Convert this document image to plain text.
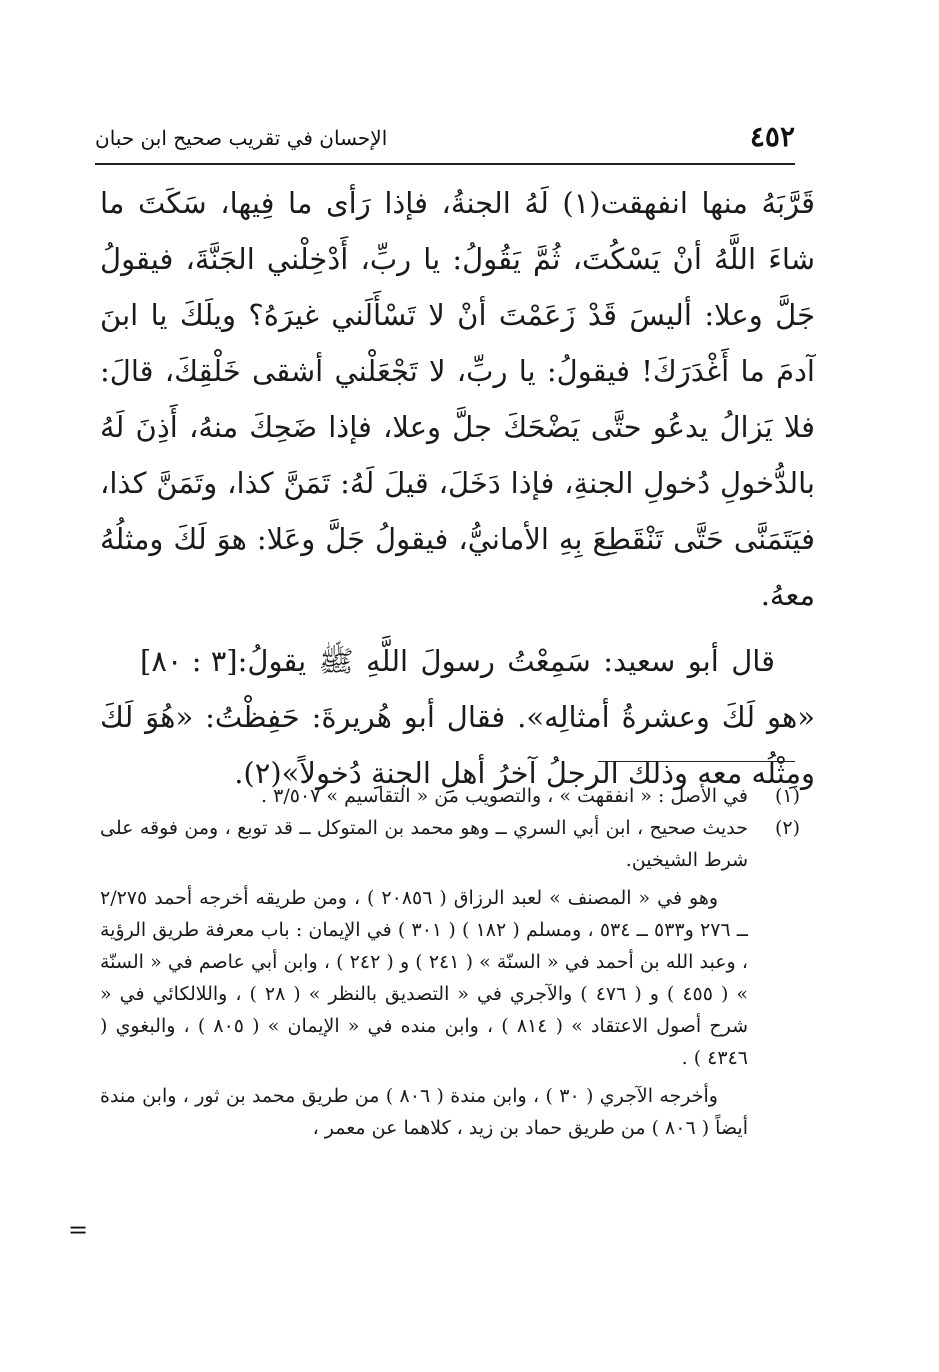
٤٥٢
الإحسان في تقريب صحيح ابن حبان

قَرَّبَهُ منها انفهقت(١) لَهُ الجنةُ، فإذا رَأى ما فِيها، سَكَتَ ما شاءَ اللَّهُ أنْ يَسْكُتَ، ثُمَّ يَقُولُ: يا ربِّ، أَدْخِلْني الجَنَّةَ، فيقولُ جَلَّ وعلا: أليسَ قَدْ زَعَمْتَ أنْ لا تَسْأَلَني غيرَهُ؟ ويلَكَ يا ابنَ آدمَ ما أَغْدَرَكَ! فيقولُ: يا ربِّ، لا تَجْعَلْني أشقى خَلْقِكَ، قالَ: فلا يَزالُ يدعُو حتَّى يَضْحَكَ جلَّ وعلا، فإذا ضَحِكَ منهُ، أَذِنَ لَهُ بالدُّخولِ دُخولِ الجنةِ، فإذا دَخَلَ، قيلَ لَهُ: تَمَنَّ كذا، وتَمَنَّ كذا، فيَتَمَنَّى حَتَّى تَنْقَطِعَ بِهِ الأمانيُّ، فيقولُ جَلَّ وعَلا: هوَ لَكَ ومثلُهُ معهُ.

[٣ : ٨٠] قال أبو سعيد: سَمِعْتُ رسولَ اللَّهِ ﷺ يقولُ: «هو لَكَ وعشرةُ أمثالِه». فقال أبو هُريرةَ: حَفِظْتُ: «هُوَ لَكَ ومِثْلُه معه وذلك الرجلُ آخرُ أهلِ الجنةِ دُخولاً»(٢).

(١)
في الأصل : « انفقهت » ، والتصويب من « التقاسيم » ٣/٥٠٧ .
(٢)
حديث صحيح ، ابن أبي السري ــ وهو محمد بن المتوكل ــ قد توبع ، ومن فوقه على شرط الشيخين.
وهو في « المصنف » لعبد الرزاق ( ٢٠٨٥٦ ) ، ومن طريقه أخرجه أحمد ٢/٢٧٥ ــ ٢٧٦ و٥٣٣ ــ ٥٣٤ ، ومسلم ( ١٨٢ ) ( ٣٠١ ) في الإيمان : باب معرفة طريق الرؤية ، وعبد الله بن أحمد في « السنّة » ( ٢٤١ ) و ( ٢٤٢ ) ، وابن أبي عاصم في « السنّة » ( ٤٥٥ ) و ( ٤٧٦ ) والآجري في « التصديق بالنظر » ( ٢٨ ) ، واللالكائي في « شرح أصول الاعتقاد » ( ٨١٤ ) ، وابن منده في « الإيمان » ( ٨٠٥ ) ، والبغوي ( ٤٣٤٦ ) .
وأخرجه الآجري ( ٣٠ ) ، وابن مندة ( ٨٠٦ ) من طريق محمد بن ثور ، وابن مندة أيضاً ( ٨٠٦ ) من طريق حماد بن زيد ، كلاهما عن معمر ،
=
